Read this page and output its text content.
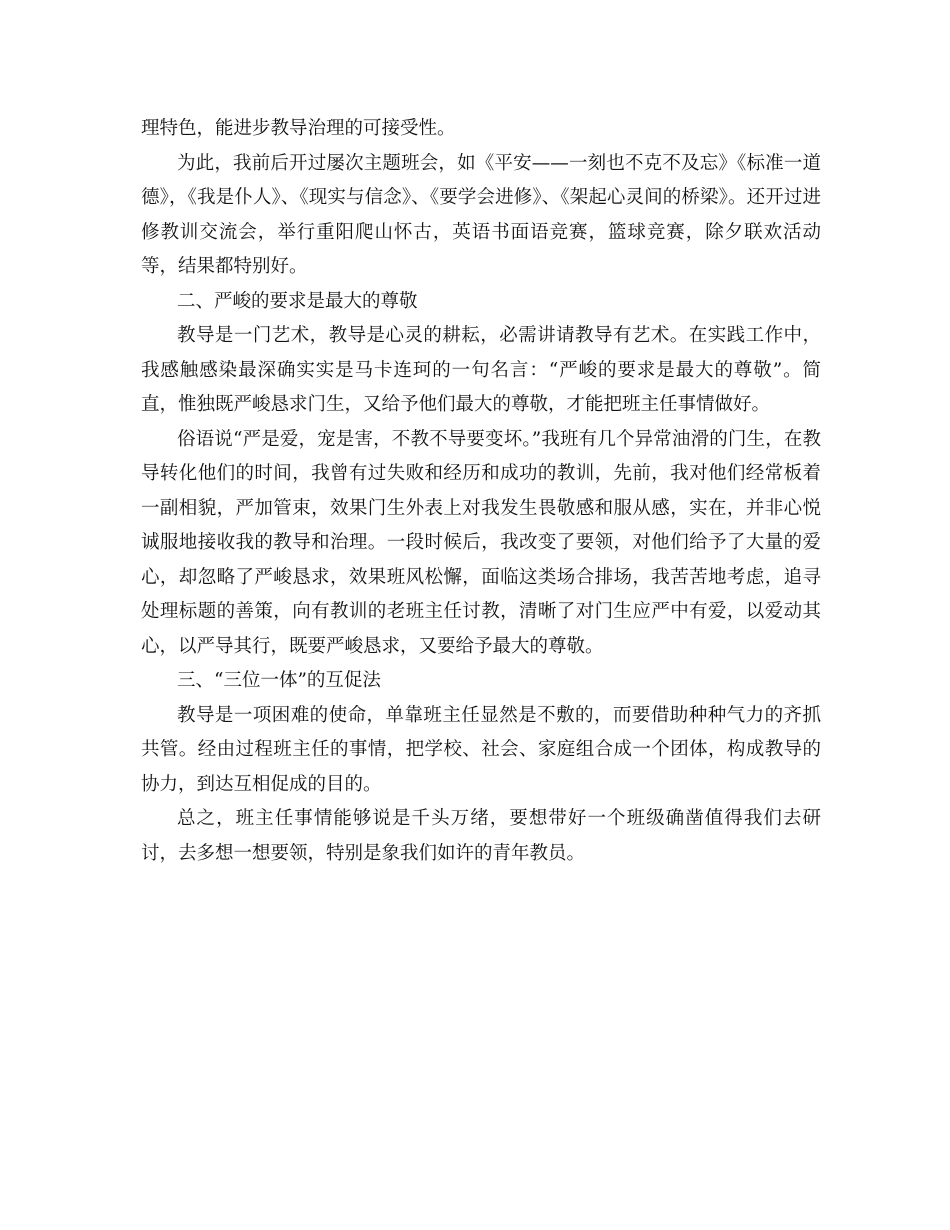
理特色，能进步教导治理的可接受性。

为此，我前后开过屡次主题班会，如《平安——一刻也不克不及忘》《标准一道德》，《我是仆人》、《现实与信念》、《要学会进修》、《架起心灵间的桥梁》。还开过进修教训交流会，举行重阳爬山怀古，英语书面语竞赛，篮球竞赛，除夕联欢活动等，结果都特别好。

二、严峻的要求是最大的尊敬

教导是一门艺术，教导是心灵的耕耘，必需讲请教导有艺术。在实践工作中，我感触感染最深确实实是马卡连珂的一句名言：“严峻的要求是最大的尊敬”。简直，惟独既严峻恳求门生，又给予他们最大的尊敬，才能把班主任事情做好。

俗语说“严是爱，宠是害，不教不导要变坏。”我班有几个异常油滑的门生，在教导转化他们的时间，我曾有过失败和经历和成功的教训，先前，我对他们经常板着一副相貌，严加管束，效果门生外表上对我发生畏敬感和服从感，实在，并非心悦诚服地接收我的教导和治理。一段时候后，我改变了要领，对他们给予了大量的爱心，却忽略了严峻恳求，效果班风松懈，面临这类场合排场，我苦苦地考虑，追寻处理标题的善策，向有教训的老班主任讨教，清晰了对门生应严中有爱，以爱动其心，以严导其行，既要严峻恳求，又要给予最大的尊敬。

三、“三位一体”的互促法

教导是一项困难的使命，单靠班主任显然是不敷的，而要借助种种气力的齐抓共管。经由过程班主任的事情，把学校、社会、家庭组合成一个团体，构成教导的协力，到达互相促成的目的。

总之，班主任事情能够说是千头万绪，要想带好一个班级确凿值得我们去研讨，去多想一想要领，特别是象我们如许的青年教员。
